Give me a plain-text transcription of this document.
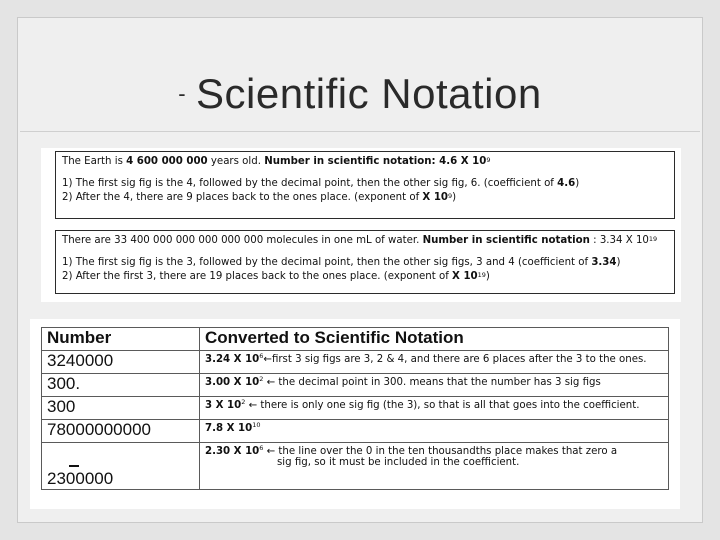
- Scientific Notation
The Earth is 4 600 000 000 years old. Number in scientific notation: 4.6 X $10^9$
1) The first sig fig is the 4, followed by the decimal point, then the other sig fig, 6. (coefficient of 4.6)
2) After the 4, there are 9 places back to the ones place. (exponent of X $10^9$)
There are 33 400 000 000 000 000 000 molecules in one mL of water. Number in scientific notation : 3.34 X $10^{19}$
1) The first sig fig is the 3, followed by the decimal point, then the other sig figs, 3 and 4 (coefficient of 3.34)
2) After the first 3, there are 19 places back to the ones place. (exponent of X $10^{19}$)
Number	Converted to Scientific Notation
3240000	3.24 X $10^6\leftarrow first$ 3 sig figs are 3, 2 & 4, and there are 6 places after the 3 to the ones.
300.	3.00 X $10^2$ ← the decimal point in 300. means that the number has 3 sig figs
300	3 X $10^2$ ← there is only one sig fig (the 3), so that is all that goes into the coefficient.
78000000000	7.8 X $10^{10}$

2300000	2.30 X $10^6$ ← the line over the 0 in the ten thousandths place makes that zero a
sig fig, so it must be included in the coefficient.
